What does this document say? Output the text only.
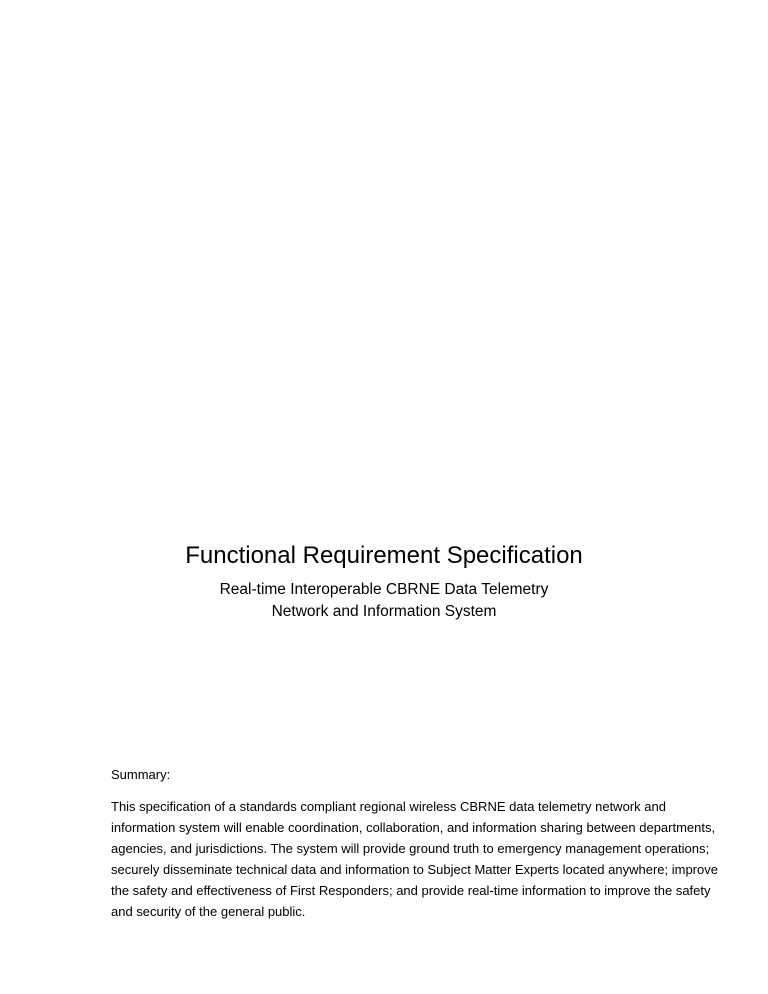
Functional Requirement Specification
Real-time Interoperable CBRNE Data Telemetry
Network and Information System
Summary:
This specification of a standards compliant regional wireless CBRNE data telemetry network and
information system will enable coordination, collaboration, and information sharing between departments,
agencies, and jurisdictions. The system will provide ground truth to emergency management operations;
securely disseminate technical data and information to Subject Matter Experts located anywhere; improve
the safety and effectiveness of First Responders; and provide real-time information to improve the safety
and security of the general public.
